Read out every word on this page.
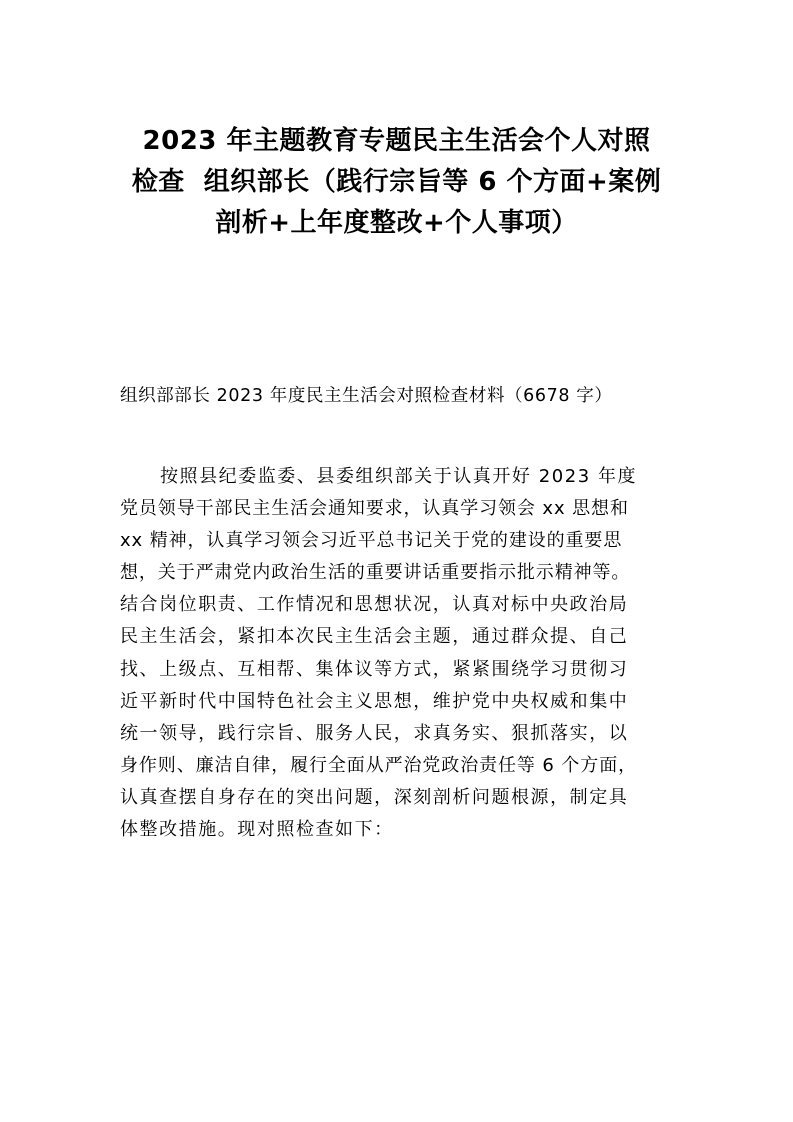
2023 年主题教育专题民主生活会个人对照
检查  组织部长（践行宗旨等 6 个方面+案例
剖析+上年度整改+个人事项）

组织部部长 2023 年度民主生活会对照检查材料（6678 字）

按照县纪委监委、县委组织部关于认真开好 2023 年度
党员领导干部民主生活会通知要求，认真学习领会 xx 思想和
xx 精神，认真学习领会习近平总书记关于党的建设的重要思
想，关于严肃党内政治生活的重要讲话重要指示批示精神等。
结合岗位职责、工作情况和思想状况，认真对标中央政治局
民主生活会，紧扣本次民主生活会主题，通过群众提、自己
找、上级点、互相帮、集体议等方式，紧紧围绕学习贯彻习
近平新时代中国特色社会主义思想，维护党中央权威和集中
统一领导，践行宗旨、服务人民，求真务实、狠抓落实，以
身作则、廉洁自律，履行全面从严治党政治责任等 6 个方面，
认真查摆自身存在的突出问题，深刻剖析问题根源，制定具
体整改措施。现对照检查如下：
